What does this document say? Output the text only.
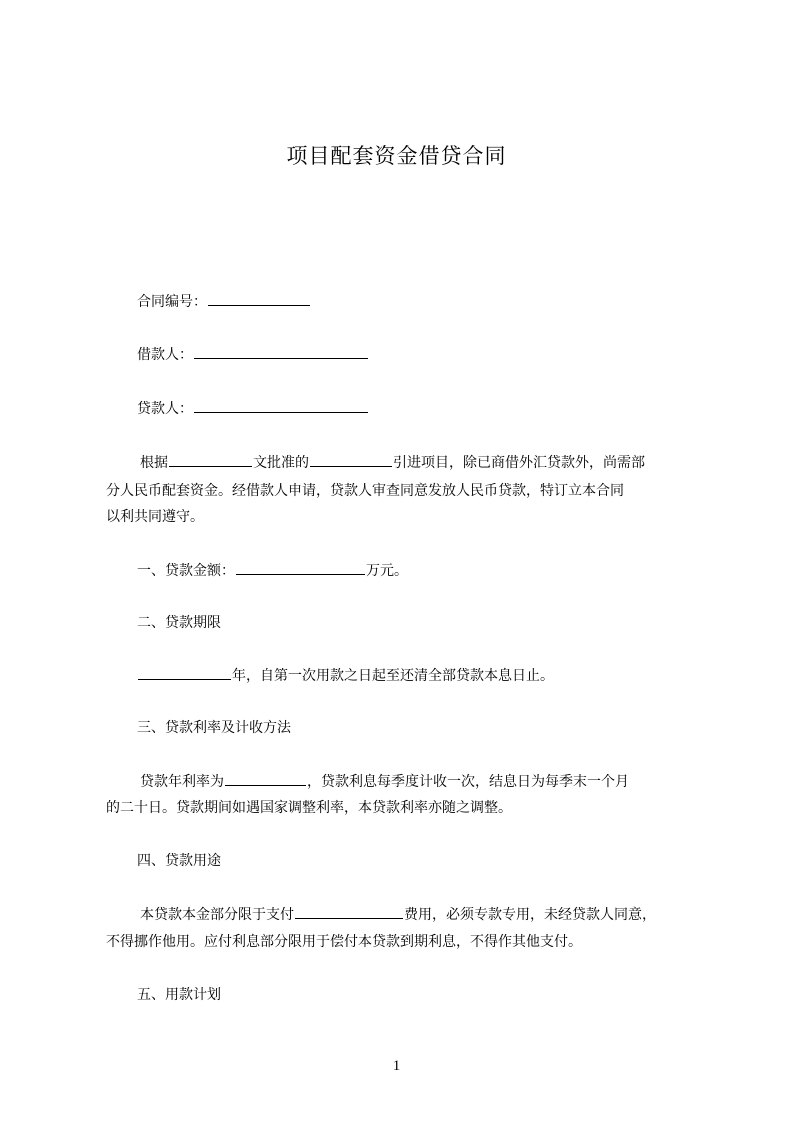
项目配套资金借贷合同
合同编号：
借款人：
贷款人：
根据	文批准的	引进项目，除已商借外汇贷款外，尚需部
分人民币配套资金。经借款人申请，贷款人审查同意发放人民币贷款，特订立本合同
以利共同遵守。
一、贷款金额：	万元。
二、贷款期限
年，自第一次用款之日起至还清全部贷款本息日止。
三、贷款利率及计收方法
贷款年利率为	，贷款利息每季度计收一次，结息日为每季末一个月
的二十日。贷款期间如遇国家调整利率，本贷款利率亦随之调整。
四、贷款用途
本贷款本金部分限于支付	费用，必须专款专用，未经贷款人同意，
不得挪作他用。应付利息部分限用于偿付本贷款到期利息，不得作其他支付。
五、用款计划
1
